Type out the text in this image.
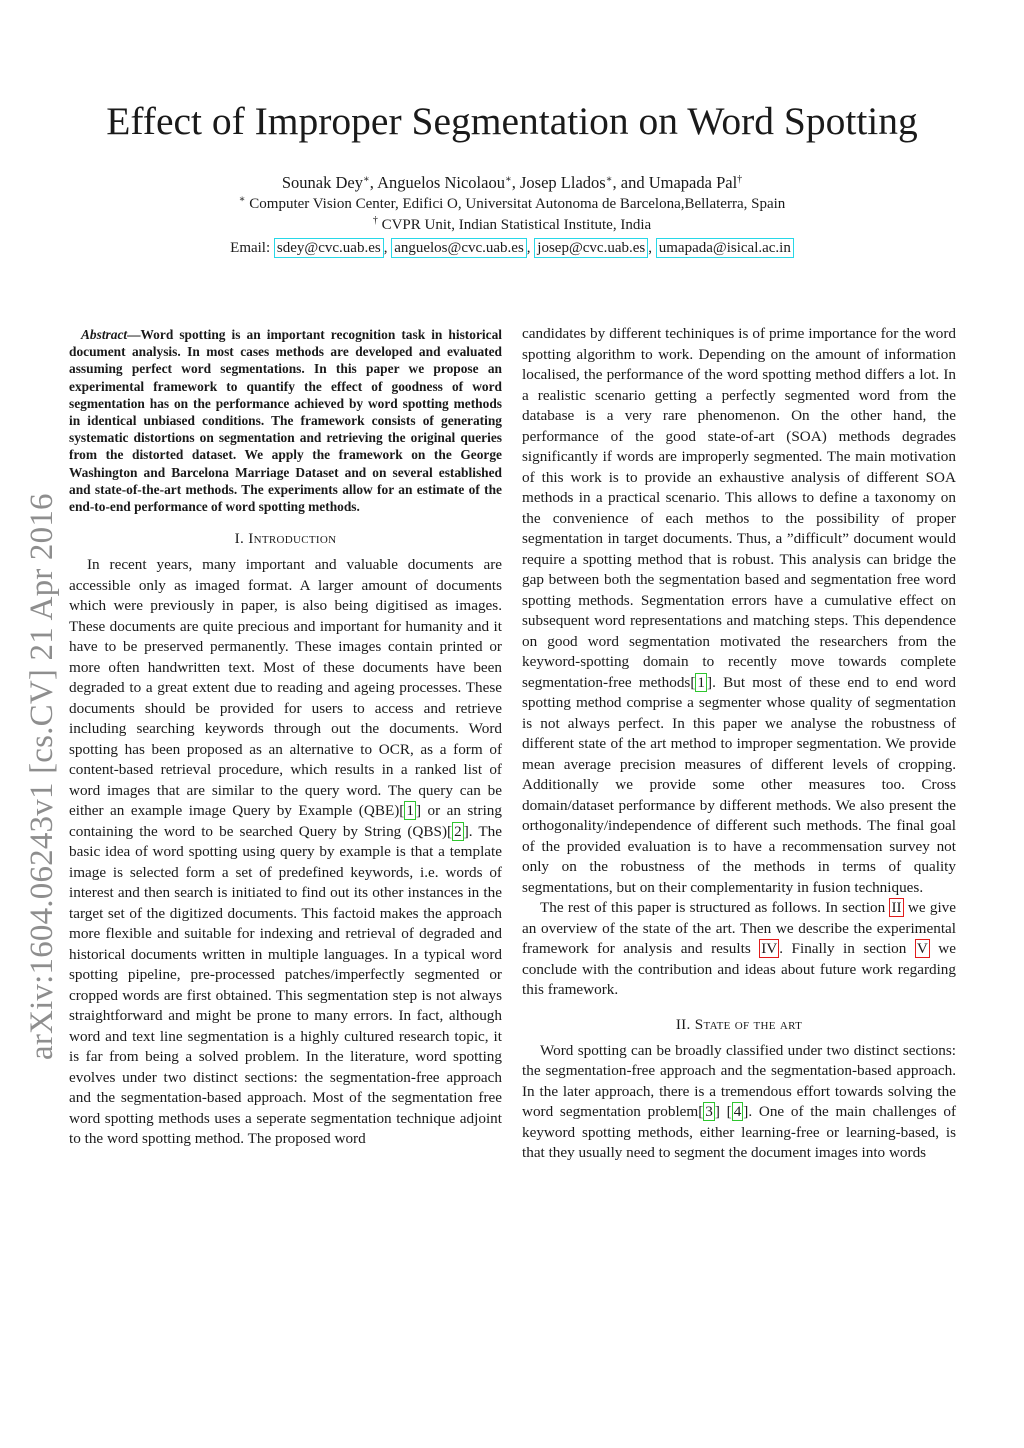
Effect of Improper Segmentation on Word Spotting
Sounak Dey∗, Anguelos Nicolaou∗, Josep Llados∗, and Umapada Pal†
∗ Computer Vision Center, Edifici O, Universitat Autonoma de Barcelona,Bellaterra, Spain
† CVPR Unit, Indian Statistical Institute, India
Email: sdey@cvc.uab.es , anguelos@cvc.uab.es , josep@cvc.uab.es , umapada@isical.ac.in
arXiv:1604.06243v1 [cs.CV] 21 Apr 2016
Abstract—Word spotting is an important recognition task in historical document analysis. In most cases methods are developed and evaluated assuming perfect word segmentations. In this paper we propose an experimental framework to quantify the effect of goodness of word segmentation has on the performance achieved by word spotting methods in identical unbiased conditions. The framework consists of generating systematic distortions on segmentation and retrieving the original queries from the distorted dataset. We apply the framework on the George Washington and Barcelona Marriage Dataset and on several established and state-of-the-art methods. The experiments allow for an estimate of the end-to-end performance of word spotting methods.
I. Introduction

In recent years, many important and valuable documents are accessible only as imaged format. A larger amount of documents which were previously in paper, is also being digitised as images. These documents are quite precious and important for humanity and it have to be preserved permanently. These images contain printed or more often handwritten text. Most of these documents have been degraded to a great extent due to reading and ageing processes. These documents should be provided for users to access and retrieve including searching keywords through out the documents. Word spotting has been proposed as an alternative to OCR, as a form of content-based retrieval procedure, which results in a ranked list of word images that are similar to the query word. The query can be either an example image Query by Example (QBE)[ 1 ] or an string containing the word to be searched Query by String (QBS)[ 2 ]. The basic idea of word spotting using query by example is that a template image is selected form a set of predefined keywords, i.e. words of interest and then search is initiated to find out its other instances in the target set of the digitized documents. This factoid makes the approach more flexible and suitable for indexing and retrieval of degraded and historical documents written in multiple languages. In a typical word spotting pipeline, pre-processed patches/imperfectly segmented or cropped words are first obtained. This segmentation step is not always straightforward and might be prone to many errors. In fact, although word and text line segmentation is a highly cultured research topic, it is far from being a solved problem. In the literature, word spotting evolves under two distinct sections: the segmentation-free approach and the segmentation-based approach. Most of the segmentation free word spotting methods uses a seperate segmentation technique adjoint to the word spotting method. The proposed word

candidates by different techiniques is of prime importance for the word spotting algorithm to work. Depending on the amount of information localised, the performance of the word spotting method differs a lot. In a realistic scenario getting a perfectly segmented word from the database is a very rare phenomenon. On the other hand, the performance of the good state-of-art (SOA) methods degrades significantly if words are improperly segmented. The main motivation of this work is to provide an exhaustive analysis of different SOA methods in a practical scenario. This allows to define a taxonomy on the convenience of each methos to the possibility of proper segmentation in target documents. Thus, a ”difficult” document would require a spotting method that is robust. This analysis can bridge the gap between both the segmentation based and segmentation free word spotting methods. Segmentation errors have a cumulative effect on subsequent word representations and matching steps. This dependence on good word segmentation motivated the researchers from the keyword-spotting domain to recently move towards complete segmentation-free methods[ 1 ]. But most of these end to end word spotting method comprise a segmenter whose quality of segmentation is not always perfect. In this paper we analyse the robustness of different state of the art method to improper segmentation. We provide mean average precision measures of different levels of cropping. Additionally we provide some other measures too. Cross domain/dataset performance by different methods. We also present the orthogonality/independence of different such methods. The final goal of the provided evaluation is to have a recommensation survey not only on the robustness of the methods in terms of quality segmentations, but on their complementarity in fusion techniques.

The rest of this paper is structured as follows. In section II we give an overview of the state of the art. Then we describe the experimental framework for analysis and results IV . Finally in section V we conclude with the contribution and ideas about future work regarding this framework.

II. State of the art

Word spotting can be broadly classified under two distinct sections: the segmentation-free approach and the segmentation-based approach. In the later approach, there is a tremendous effort towards solving the word segmentation problem[ 3 ] [ 4 ]. One of the main challenges of keyword spotting methods, either learning-free or learning-based, is that they usually need to segment the document images into words
